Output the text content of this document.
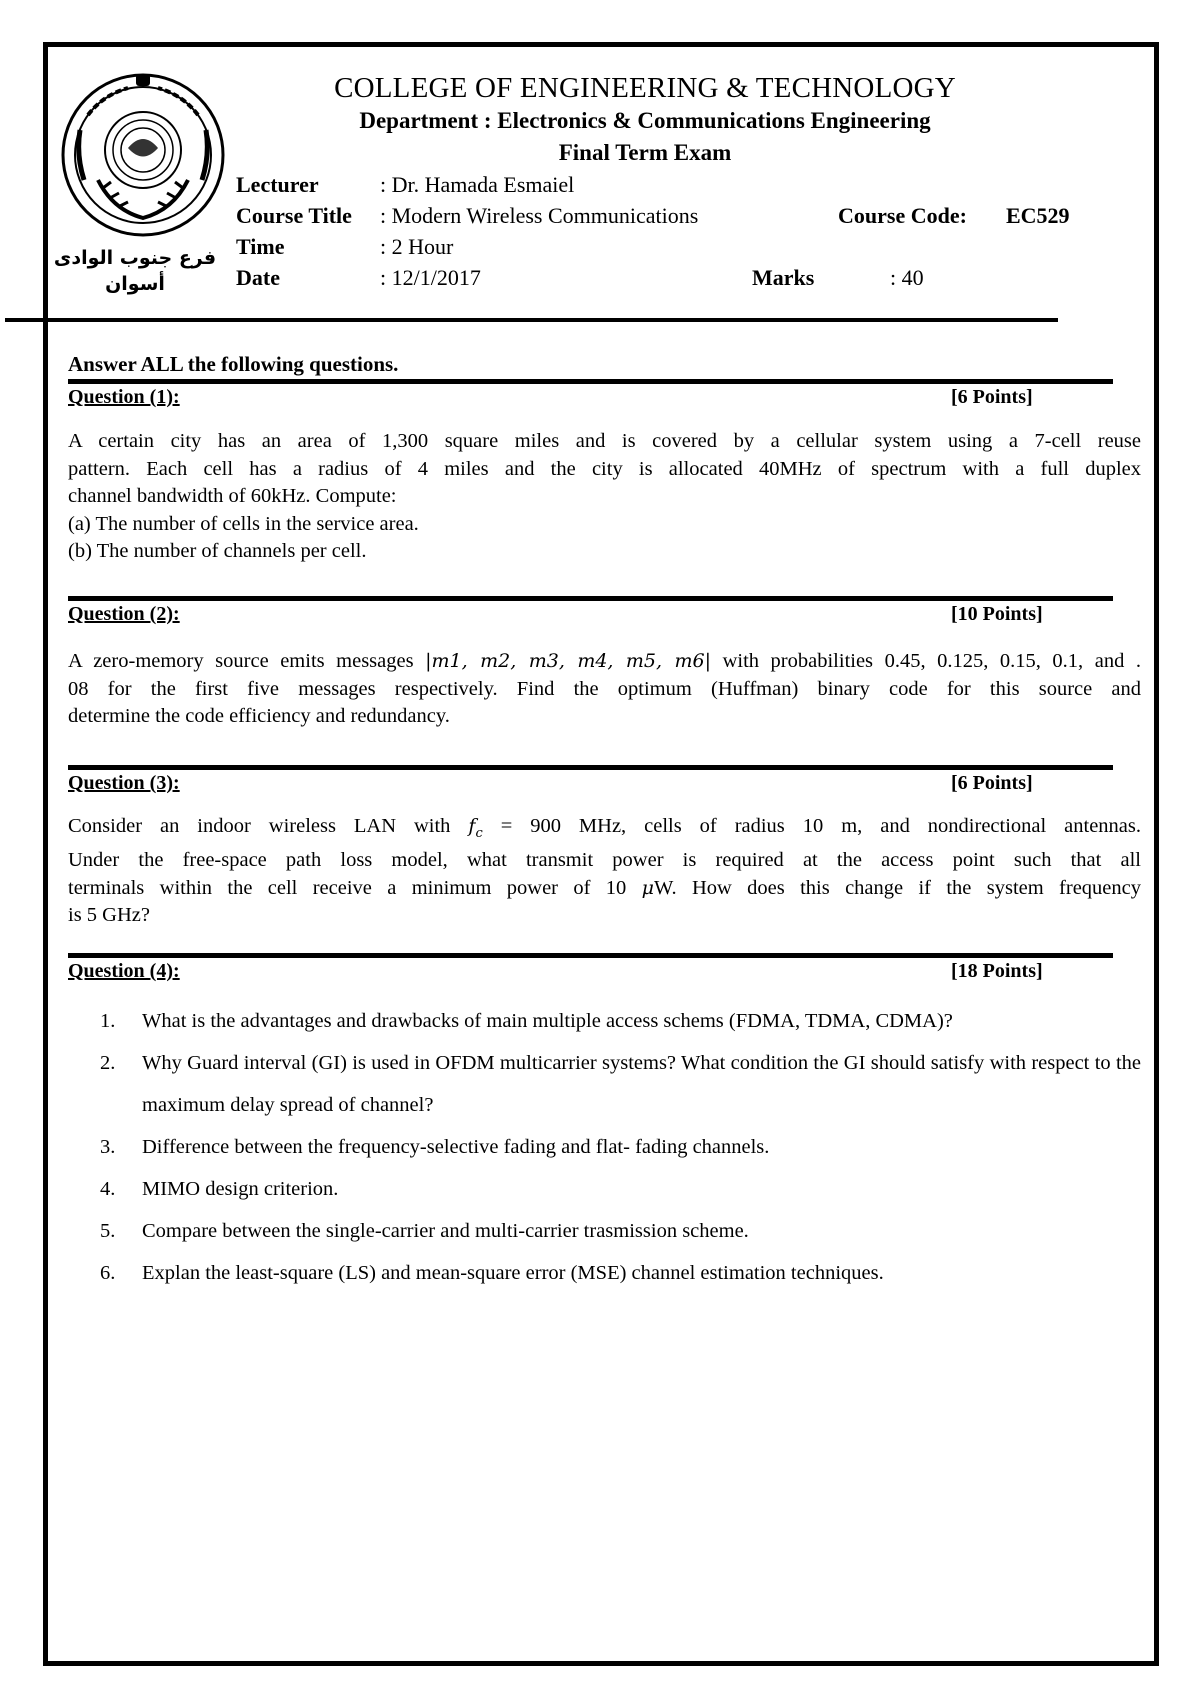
فرع جنوب الوادى
أسوان
COLLEGE OF ENGINEERING & TECHNOLOGY
Department : Electronics & Communications Engineering
Final Term Exam
Lecturer	: Dr. Hamada Esmaiel
Course Title : Modern Wireless Communications	Course Code: EC529
Time	: 2 Hour
Date	: 12/1/2017	Marks	: 40
Answer ALL the following questions.
Question (1):	[6 Points]
A certain city has an area of 1,300 square miles and is covered by a cellular system using a 7-cell reuse
pattern. Each cell has a radius of 4 miles and the city is allocated 40MHz of spectrum with a full duplex
channel bandwidth of 60kHz. Compute:
(a) The number of cells in the service area.
(b) The number of channels per cell.
Question (2):	[10 Points]
A zero-memory source emits messages |m1, m2, m3, m4, m5, m6| with probabilities 0.45, 0.125, 0.15, 0.1, and .
08 for the first five messages respectively. Find the optimum (Huffman) binary code for this source and
determine the code efficiency and redundancy.
Question (3):	[6 Points]
Consider an indoor wireless LAN with $f_c = 900$ MHz, cells of radius 10 m, and nondirectional antennas.
Under the free-space path loss model, what transmit power is required at the access point such that all
terminals within the cell receive a minimum power of 10 μW. How does this change if the system frequency
is 5 GHz?
Question (4):	[18 Points]
1.	What is the advantages and drawbacks of main multiple access schems (FDMA, TDMA, CDMA)?
2.	Why Guard interval (GI) is used in OFDM multicarrier systems? What condition the GI should satisfy with respect to the maximum delay spread of channel?
3.	Difference between the frequency-selective fading and flat- fading channels.
4.	MIMO design criterion.
5.	Compare between the single-carrier and multi-carrier trasmission scheme.
6.	Explan the least-square (LS) and mean-square error (MSE) channel estimation techniques.
